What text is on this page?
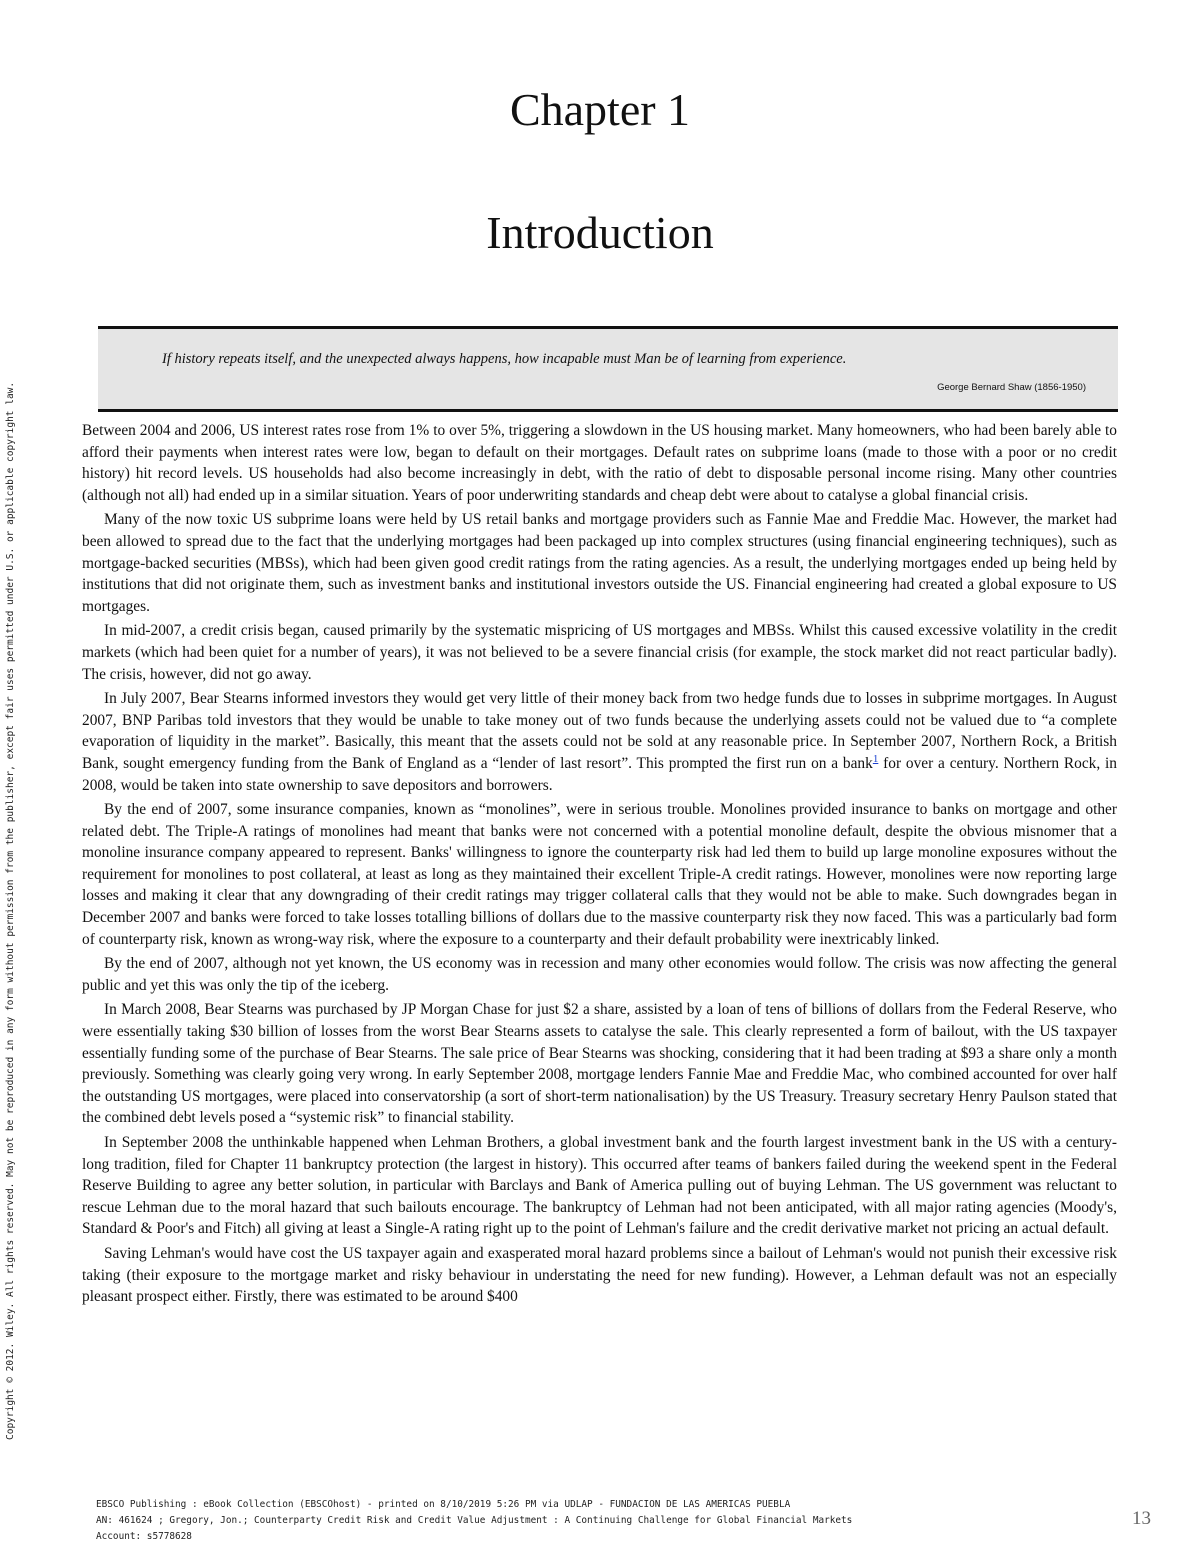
Chapter 1
Introduction
If history repeats itself, and the unexpected always happens, how incapable must Man be of learning from experience.
George Bernard Shaw (1856-1950)

Between 2004 and 2006, US interest rates rose from 1% to over 5%, triggering a slowdown in the US housing market. Many homeowners, who had been barely able to afford their payments when interest rates were low, began to default on their mortgages. Default rates on subprime loans (made to those with a poor or no credit history) hit record levels. US households had also become increasingly in debt, with the ratio of debt to disposable personal income rising. Many other countries (although not all) had ended up in a similar situation. Years of poor underwriting standards and cheap debt were about to catalyse a global financial crisis.

Many of the now toxic US subprime loans were held by US retail banks and mortgage providers such as Fannie Mae and Freddie Mac. However, the market had been allowed to spread due to the fact that the underlying mortgages had been packaged up into complex structures (using financial engineering techniques), such as mortgage-backed securities (MBSs), which had been given good credit ratings from the rating agencies. As a result, the underlying mortgages ended up being held by institutions that did not originate them, such as investment banks and institutional investors outside the US. Financial engineering had created a global exposure to US mortgages.

In mid-2007, a credit crisis began, caused primarily by the systematic mispricing of US mortgages and MBSs. Whilst this caused excessive volatility in the credit markets (which had been quiet for a number of years), it was not believed to be a severe financial crisis (for example, the stock market did not react particular badly). The crisis, however, did not go away.

In July 2007, Bear Stearns informed investors they would get very little of their money back from two hedge funds due to losses in subprime mortgages. In August 2007, BNP Paribas told investors that they would be unable to take money out of two funds because the underlying assets could not be valued due to “a complete evaporation of liquidity in the market”. Basically, this meant that the assets could not be sold at any reasonable price. In September 2007, Northern Rock, a British Bank, sought emergency funding from the Bank of England as a “lender of last resort”. This prompted the first run on a bank$^1$ for over a century. Northern Rock, in 2008, would be taken into state ownership to save depositors and borrowers.

By the end of 2007, some insurance companies, known as “monolines”, were in serious trouble. Monolines provided insurance to banks on mortgage and other related debt. The Triple-A ratings of monolines had meant that banks were not concerned with a potential monoline default, despite the obvious misnomer that a monoline insurance company appeared to represent. Banks' willingness to ignore the counterparty risk had led them to build up large monoline exposures without the requirement for monolines to post collateral, at least as long as they maintained their excellent Triple-A credit ratings. However, monolines were now reporting large losses and making it clear that any downgrading of their credit ratings may trigger collateral calls that they would not be able to make. Such downgrades began in December 2007 and banks were forced to take losses totalling billions of dollars due to the massive counterparty risk they now faced. This was a particularly bad form of counterparty risk, known as wrong-way risk, where the exposure to a counterparty and their default probability were inextricably linked.

By the end of 2007, although not yet known, the US economy was in recession and many other economies would follow. The crisis was now affecting the general public and yet this was only the tip of the iceberg.

In March 2008, Bear Stearns was purchased by JP Morgan Chase for just $2 a share, assisted by a loan of tens of billions of dollars from the Federal Reserve, who were essentially taking $30 billion of losses from the worst Bear Stearns assets to catalyse the sale. This clearly represented a form of bailout, with the US taxpayer essentially funding some of the purchase of Bear Stearns. The sale price of Bear Stearns was shocking, considering that it had been trading at $93 a share only a month previously. Something was clearly going very wrong. In early September 2008, mortgage lenders Fannie Mae and Freddie Mac, who combined accounted for over half the outstanding US mortgages, were placed into conservatorship (a sort of short-term nationalisation) by the US Treasury. Treasury secretary Henry Paulson stated that the combined debt levels posed a “systemic risk” to financial stability.

In September 2008 the unthinkable happened when Lehman Brothers, a global investment bank and the fourth largest investment bank in the US with a century-long tradition, filed for Chapter 11 bankruptcy protection (the largest in history). This occurred after teams of bankers failed during the weekend spent in the Federal Reserve Building to agree any better solution, in particular with Barclays and Bank of America pulling out of buying Lehman. The US government was reluctant to rescue Lehman due to the moral hazard that such bailouts encourage. The bankruptcy of Lehman had not been anticipated, with all major rating agencies (Moody's, Standard & Poor's and Fitch) all giving at least a Single-A rating right up to the point of Lehman's failure and the credit derivative market not pricing an actual default.

Saving Lehman's would have cost the US taxpayer again and exasperated moral hazard problems since a bailout of Lehman's would not punish their excessive risk taking (their exposure to the mortgage market and risky behaviour in understating the need for new funding). However, a Lehman default was not an especially pleasant prospect either. Firstly, there was estimated to be around $400

Copyright © 2012. Wiley. All rights reserved. May not be reproduced in any form without permission from the publisher, except fair uses permitted under U.S. or applicable copyright law.
EBSCO Publishing : eBook Collection (EBSCOhost) - printed on 8/10/2019 5:26 PM via UDLAP - FUNDACION DE LAS AMERICAS PUEBLA
AN: 461624 ; Gregory, Jon.; Counterparty Credit Risk and Credit Value Adjustment : A Continuing Challenge for Global Financial Markets
Account: s5778628
13
